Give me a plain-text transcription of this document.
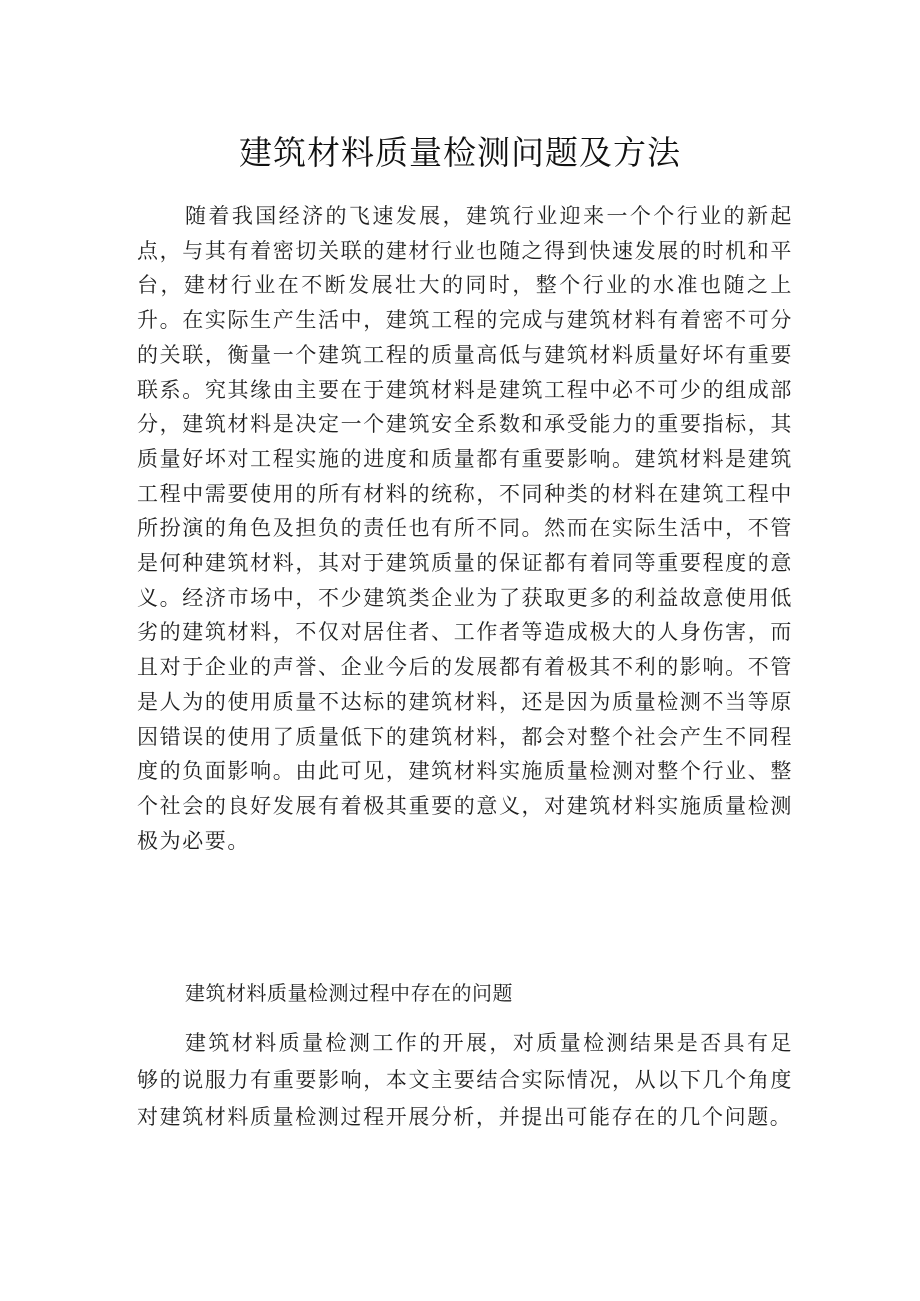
建筑材料质量检测问题及方法

随着我国经济的飞速发展，建筑行业迎来一个个行业的新起点，与其有着密切关联的建材行业也随之得到快速发展的时机和平台，建材行业在不断发展壮大的同时，整个行业的水准也随之上升。在实际生产生活中，建筑工程的完成与建筑材料有着密不可分的关联，衡量一个建筑工程的质量高低与建筑材料质量好坏有重要联系。究其缘由主要在于建筑材料是建筑工程中必不可少的组成部分，建筑材料是决定一个建筑安全系数和承受能力的重要指标，其质量好坏对工程实施的进度和质量都有重要影响。建筑材料是建筑工程中需要使用的所有材料的统称，不同种类的材料在建筑工程中所扮演的角色及担负的责任也有所不同。然而在实际生活中，不管是何种建筑材料，其对于建筑质量的保证都有着同等重要程度的意义。经济市场中，不少建筑类企业为了获取更多的利益故意使用低劣的建筑材料，不仅对居住者、工作者等造成极大的人身伤害，而且对于企业的声誉、企业今后的发展都有着极其不利的影响。不管是人为的使用质量不达标的建筑材料，还是因为质量检测不当等原因错误的使用了质量低下的建筑材料，都会对整个社会产生不同程度的负面影响。由此可见，建筑材料实施质量检测对整个行业、整个社会的良好发展有着极其重要的意义，对建筑材料实施质量检测极为必要。

建筑材料质量检测过程中存在的问题

建筑材料质量检测工作的开展，对质量检测结果是否具有足够的说服力有重要影响，本文主要结合实际情况，从以下几个角度对建筑材料质量检测过程开展分析，并提出可能存在的几个问题。
